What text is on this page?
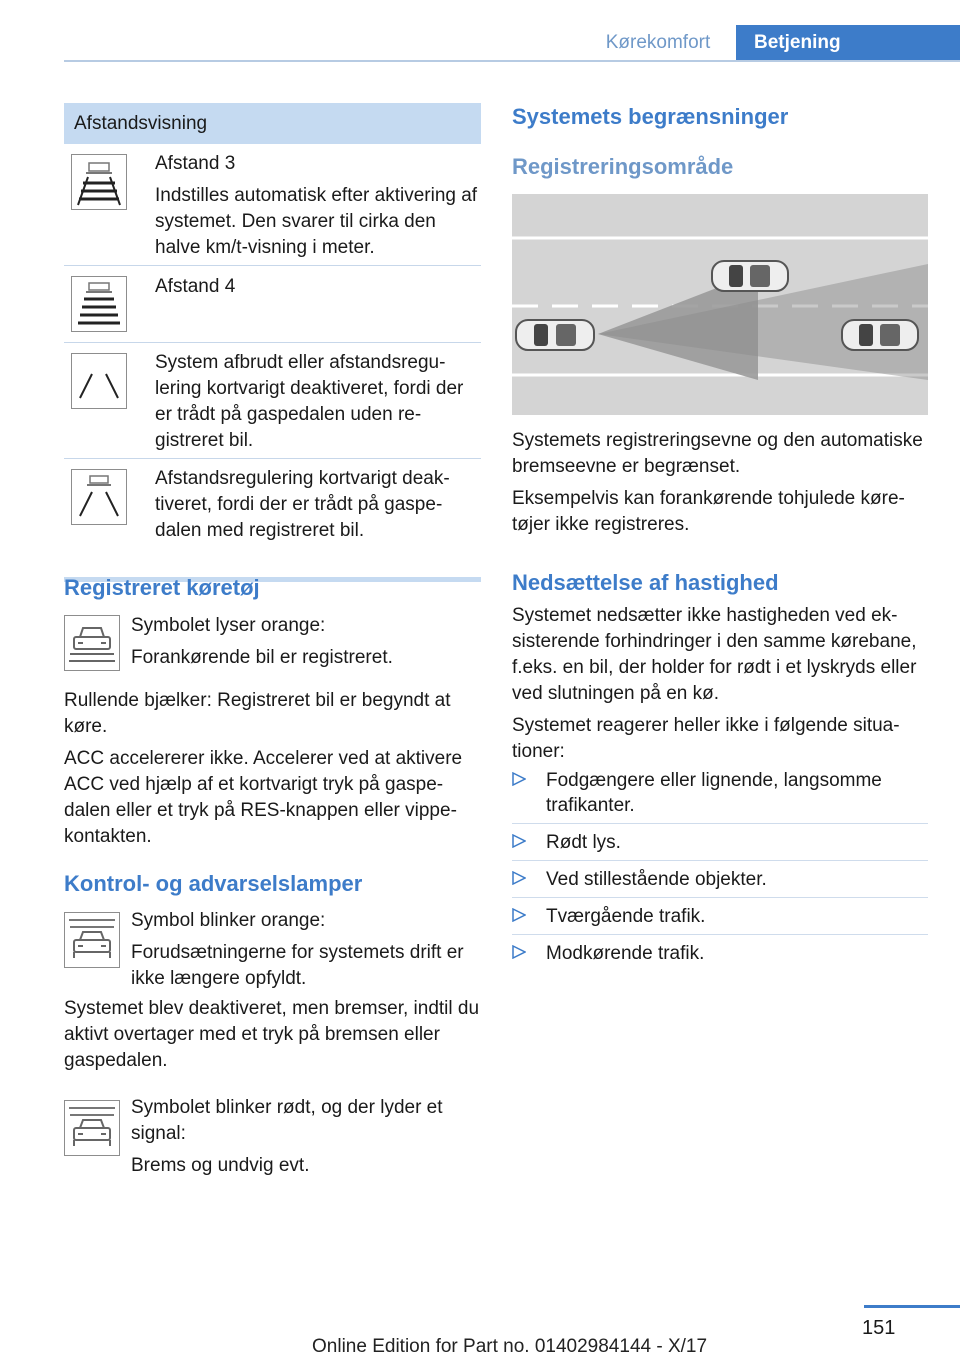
Kørekomfort	Betjening
Afstandsvisning

Afstand 3

Indstilles automatisk efter aktivering af systemet. Den svarer til cirka den halve km/t-visning i meter.

Afstand 4

System afbrudt eller afstandsregulering kortvarigt deaktiveret, fordi der er trådt på gaspedalen uden registreret bil.

Afstandsregulering kortvarigt deaktiveret, fordi der er trådt på gaspedalen med registreret bil.

Registreret køretøj

Symbolet lyser orange:

Forankørende bil er registreret.

Rullende bjælker: Registreret bil er begyndt at køre.

ACC accelererer ikke. Accelerer ved at aktivere ACC ved hjælp af et kortvarigt tryk på gaspedalen eller et tryk på RES-knappen eller vippekontakten.

Kontrol- og advarselslamper

Symbol blinker orange:

Forudsætningerne for systemets drift er ikke længere opfyldt.

Systemet blev deaktiveret, men bremser, indtil du aktivt overtager med et tryk på bremsen eller gaspedalen.

Symbolet blinker rødt, og der lyder et signal:

Brems og undvig evt.

Systemets begrænsninger
Registreringsområde

Systemets registreringsevne og den automatiske bremseevne er begrænset.

Eksempelvis kan forankørende tohjulede køretøjer ikke registreres.

Nedsættelse af hastighed

Systemet nedsætter ikke hastigheden ved eksisterende forhindringer i den samme kørebane, f.eks. en bil, der holder for rødt i et lyskryds eller ved slutningen på en kø.

Systemet reagerer heller ikke i følgende situationer:

Fodgængere eller lignende, langsomme trafikanter.
Rødt lys.
Ved stillestående objekter.
Tværgående trafik.
Modkørende trafik.
151
Online Edition for Part no. 01402984144 - X/17
